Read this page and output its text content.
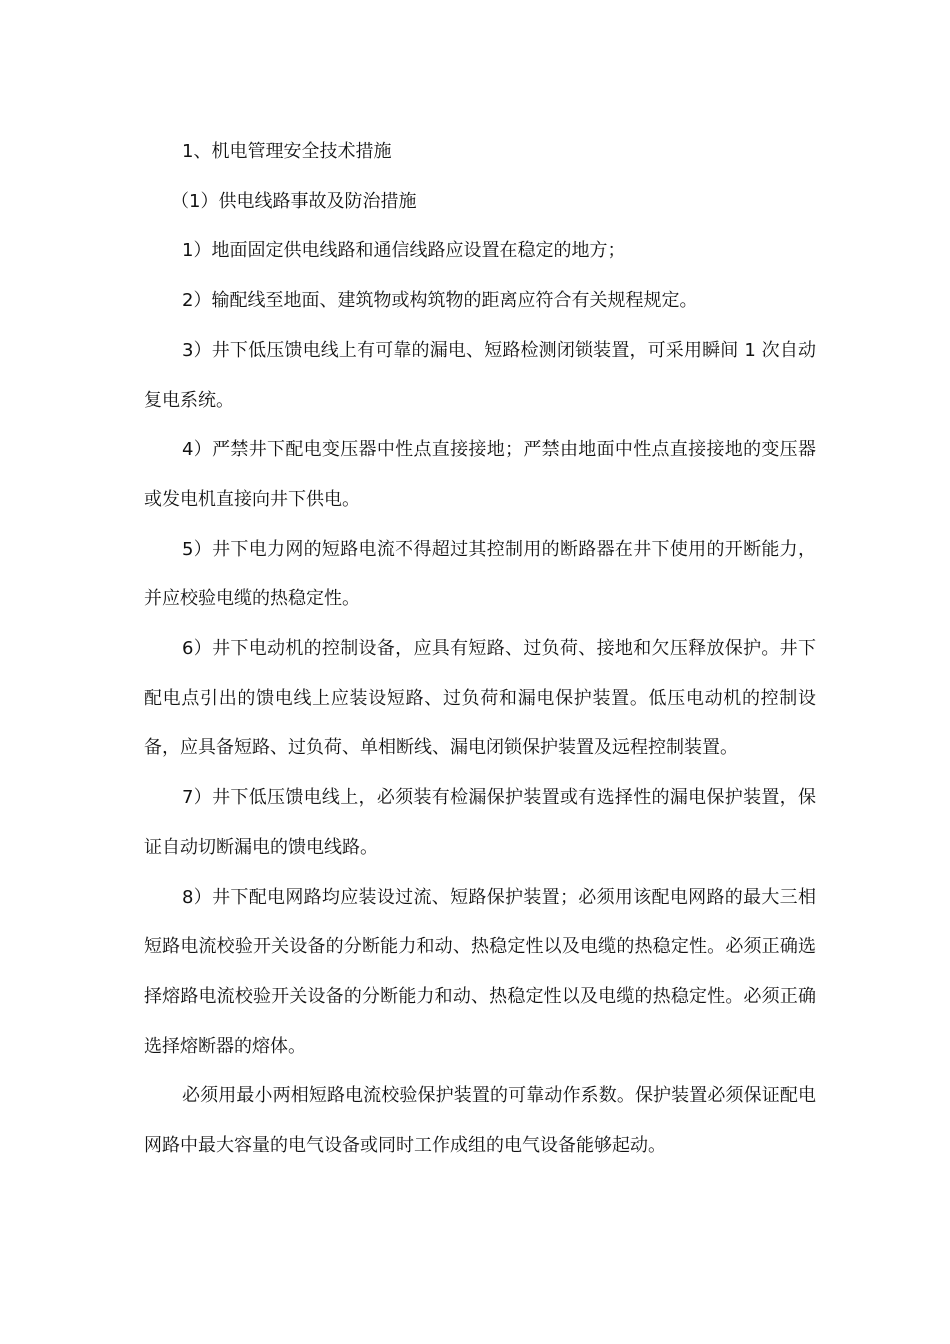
1、机电管理安全技术措施

（1）供电线路事故及防治措施

1）地面固定供电线路和通信线路应设置在稳定的地方；

2）输配线至地面、建筑物或构筑物的距离应符合有关规程规定。

3）井下低压馈电线上有可靠的漏电、短路检测闭锁装置，可采用瞬间 1 次自动复电系统。

4）严禁井下配电变压器中性点直接接地；严禁由地面中性点直接接地的变压器或发电机直接向井下供电。

5）井下电力网的短路电流不得超过其控制用的断路器在井下使用的开断能力，并应校验电缆的热稳定性。

6）井下电动机的控制设备，应具有短路、过负荷、接地和欠压释放保护。井下配电点引出的馈电线上应装设短路、过负荷和漏电保护装置。低压电动机的控制设备，应具备短路、过负荷、单相断线、漏电闭锁保护装置及远程控制装置。

7）井下低压馈电线上，必须装有检漏保护装置或有选择性的漏电保护装置，保证自动切断漏电的馈电线路。

8）井下配电网路均应装设过流、短路保护装置；必须用该配电网路的最大三相短路电流校验开关设备的分断能力和动、热稳定性以及电缆的热稳定性。必须正确选择熔路电流校验开关设备的分断能力和动、热稳定性以及电缆的热稳定性。必须正确选择熔断器的熔体。

必须用最小两相短路电流校验保护装置的可靠动作系数。保护装置必须保证配电网路中最大容量的电气设备或同时工作成组的电气设备能够起动。
